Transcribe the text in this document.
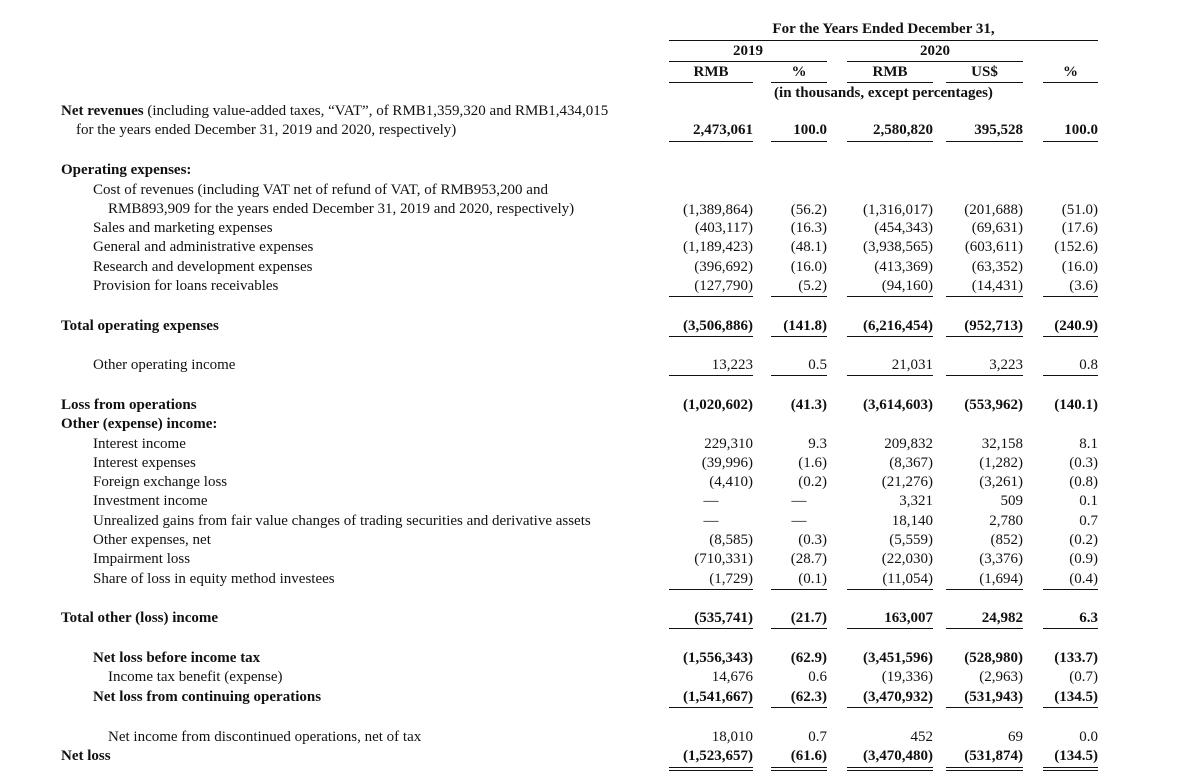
For the Years Ended December 31,
2019	2020
RMB	%	RMB	US$	%
(in thousands, except percentages)
Net revenues (including value-added taxes, “VAT”, of RMB1,359,320 and RMB1,434,015
for the years ended December 31, 2019 and 2020, respectively)	2,473,061	100.0	2,580,820	395,528	100.0
Operating expenses:
Cost of revenues (including VAT net of refund of VAT, of RMB953,200 and
RMB893,909 for the years ended December 31, 2019 and 2020, respectively)	(1,389,864)	(56.2)	(1,316,017)	(201,688)	(51.0)
Sales and marketing expenses	(403,117)	(16.3)	(454,343)	(69,631)	(17.6)
General and administrative expenses	(1,189,423)	(48.1)	(3,938,565)	(603,611)	(152.6)
Research and development expenses	(396,692)	(16.0)	(413,369)	(63,352)	(16.0)
Provision for loans receivables	(127,790)	(5.2)	(94,160)	(14,431)	(3.6)
Total operating expenses	(3,506,886)	(141.8)	(6,216,454)	(952,713)	(240.9)
Other operating income	13,223	0.5	21,031	3,223	0.8
Loss from operations	(1,020,602)	(41.3)	(3,614,603)	(553,962)	(140.1)
Other (expense) income:
Interest income	229,310	9.3	209,832	32,158	8.1
Interest expenses	(39,996)	(1.6)	(8,367)	(1,282)	(0.3)
Foreign exchange loss	(4,410)	(0.2)	(21,276)	(3,261)	(0.8)
Investment income	—	—	3,321	509	0.1
Unrealized gains from fair value changes of trading securities and derivative assets	—	—	18,140	2,780	0.7
Other expenses, net	(8,585)	(0.3)	(5,559)	(852)	(0.2)
Impairment loss	(710,331)	(28.7)	(22,030)	(3,376)	(0.9)
Share of loss in equity method investees	(1,729)	(0.1)	(11,054)	(1,694)	(0.4)
Total other (loss) income	(535,741)	(21.7)	163,007	24,982	6.3
Net loss before income tax	(1,556,343)	(62.9)	(3,451,596)	(528,980)	(133.7)
Income tax benefit (expense)	14,676	0.6	(19,336)	(2,963)	(0.7)
Net loss from continuing operations	(1,541,667)	(62.3)	(3,470,932)	(531,943)	(134.5)
Net income from discontinued operations, net of tax	18,010	0.7	452	69	0.0
Net loss	(1,523,657)	(61.6)	(3,470,480)	(531,874)	(134.5)
